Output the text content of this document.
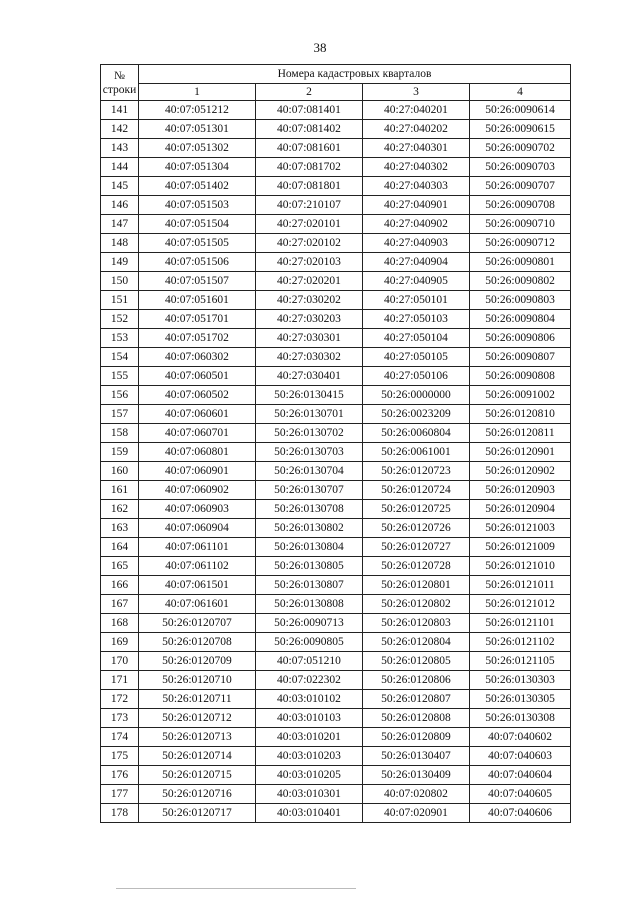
38
№
строки	Номера кадастровых кварталов			
	1	2	3	4
141	40:07:051212	40:07:081401	40:27:040201	50:26:0090614
142	40:07:051301	40:07:081402	40:27:040202	50:26:0090615
143	40:07:051302	40:07:081601	40:27:040301	50:26:0090702
144	40:07:051304	40:07:081702	40:27:040302	50:26:0090703
145	40:07:051402	40:07:081801	40:27:040303	50:26:0090707
146	40:07:051503	40:07:210107	40:27:040901	50:26:0090708
147	40:07:051504	40:27:020101	40:27:040902	50:26:0090710
148	40:07:051505	40:27:020102	40:27:040903	50:26:0090712
149	40:07:051506	40:27:020103	40:27:040904	50:26:0090801
150	40:07:051507	40:27:020201	40:27:040905	50:26:0090802
151	40:07:051601	40:27:030202	40:27:050101	50:26:0090803
152	40:07:051701	40:27:030203	40:27:050103	50:26:0090804
153	40:07:051702	40:27:030301	40:27:050104	50:26:0090806
154	40:07:060302	40:27:030302	40:27:050105	50:26:0090807
155	40:07:060501	40:27:030401	40:27:050106	50:26:0090808
156	40:07:060502	50:26:0130415	50:26:0000000	50:26:0091002
157	40:07:060601	50:26:0130701	50:26:0023209	50:26:0120810
158	40:07:060701	50:26:0130702	50:26:0060804	50:26:0120811
159	40:07:060801	50:26:0130703	50:26:0061001	50:26:0120901
160	40:07:060901	50:26:0130704	50:26:0120723	50:26:0120902
161	40:07:060902	50:26:0130707	50:26:0120724	50:26:0120903
162	40:07:060903	50:26:0130708	50:26:0120725	50:26:0120904
163	40:07:060904	50:26:0130802	50:26:0120726	50:26:0121003
164	40:07:061101	50:26:0130804	50:26:0120727	50:26:0121009
165	40:07:061102	50:26:0130805	50:26:0120728	50:26:0121010
166	40:07:061501	50:26:0130807	50:26:0120801	50:26:0121011
167	40:07:061601	50:26:0130808	50:26:0120802	50:26:0121012
168	50:26:0120707	50:26:0090713	50:26:0120803	50:26:0121101
169	50:26:0120708	50:26:0090805	50:26:0120804	50:26:0121102
170	50:26:0120709	40:07:051210	50:26:0120805	50:26:0121105
171	50:26:0120710	40:07:022302	50:26:0120806	50:26:0130303
172	50:26:0120711	40:03:010102	50:26:0120807	50:26:0130305
173	50:26:0120712	40:03:010103	50:26:0120808	50:26:0130308
174	50:26:0120713	40:03:010201	50:26:0120809	40:07:040602
175	50:26:0120714	40:03:010203	50:26:0130407	40:07:040603
176	50:26:0120715	40:03:010205	50:26:0130409	40:07:040604
177	50:26:0120716	40:03:010301	40:07:020802	40:07:040605
178	50:26:0120717	40:03:010401	40:07:020901	40:07:040606
